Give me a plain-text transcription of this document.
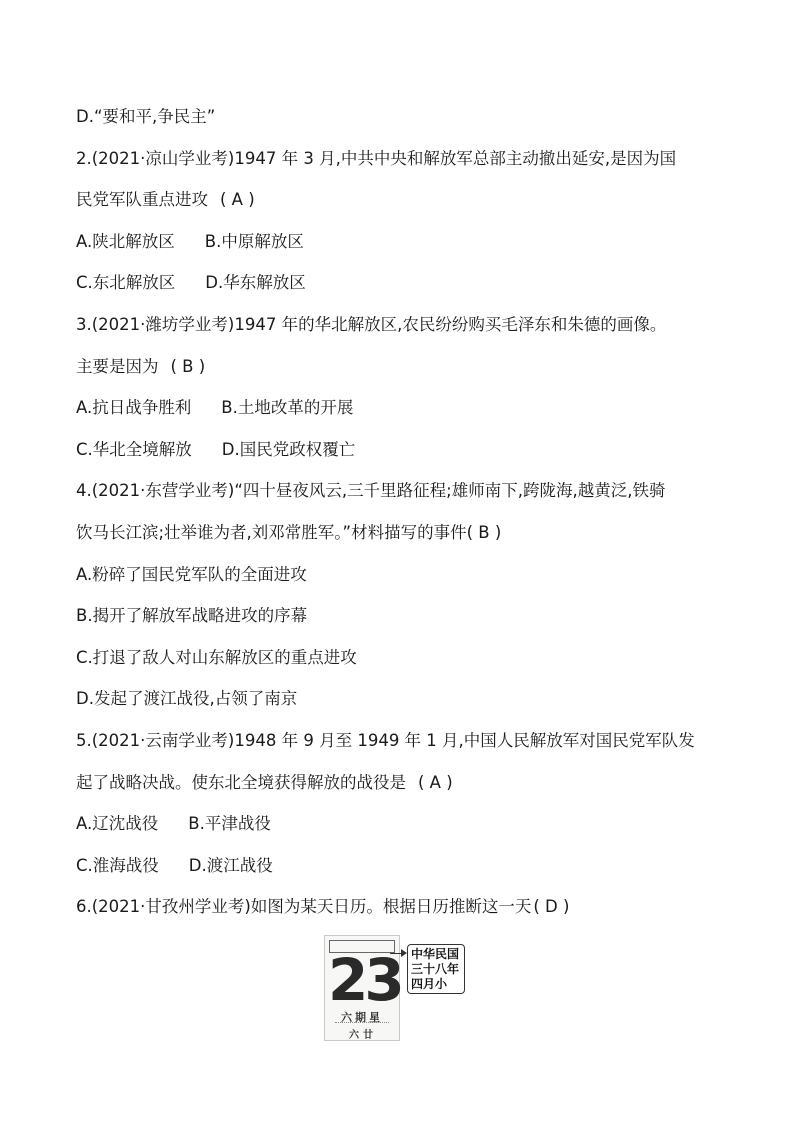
D.“要和平,争民主”
2.(2021·凉山学业考)1947 年 3 月,中共中央和解放军总部主动撤出延安,是因为国
民党军队重点进攻 ( A )
A.陕北解放区 B.中原解放区
C.东北解放区 D.华东解放区
3.(2021·潍坊学业考)1947 年的华北解放区,农民纷纷购买毛泽东和朱德的画像。
主要是因为 ( B )
A.抗日战争胜利 B.土地改革的开展
C.华北全境解放 D.国民党政权覆亡
4.(2021·东营学业考)“四十昼夜风云,三千里路征程;雄师南下,跨陇海,越黄泛,铁骑
饮马长江滨;壮举谁为者,刘邓常胜军。”材料描写的事件( B )
A.粉碎了国民党军队的全面进攻
B.揭开了解放军战略进攻的序幕
C.打退了敌人对山东解放区的重点进攻
D.发起了渡江战役,占领了南京
5.(2021·云南学业考)1948 年 9 月至 1949 年 1 月,中国人民解放军对国民党军队发
起了战略决战。使东北全境获得解放的战役是 ( A )
A.辽沈战役 B.平津战役
C.淮海战役 D.渡江战役
6.(2021·甘孜州学业考)如图为某天日历。根据日历推断这一天 ( D )
23
六期星
六廿
中华民国
三十八年
四月小
